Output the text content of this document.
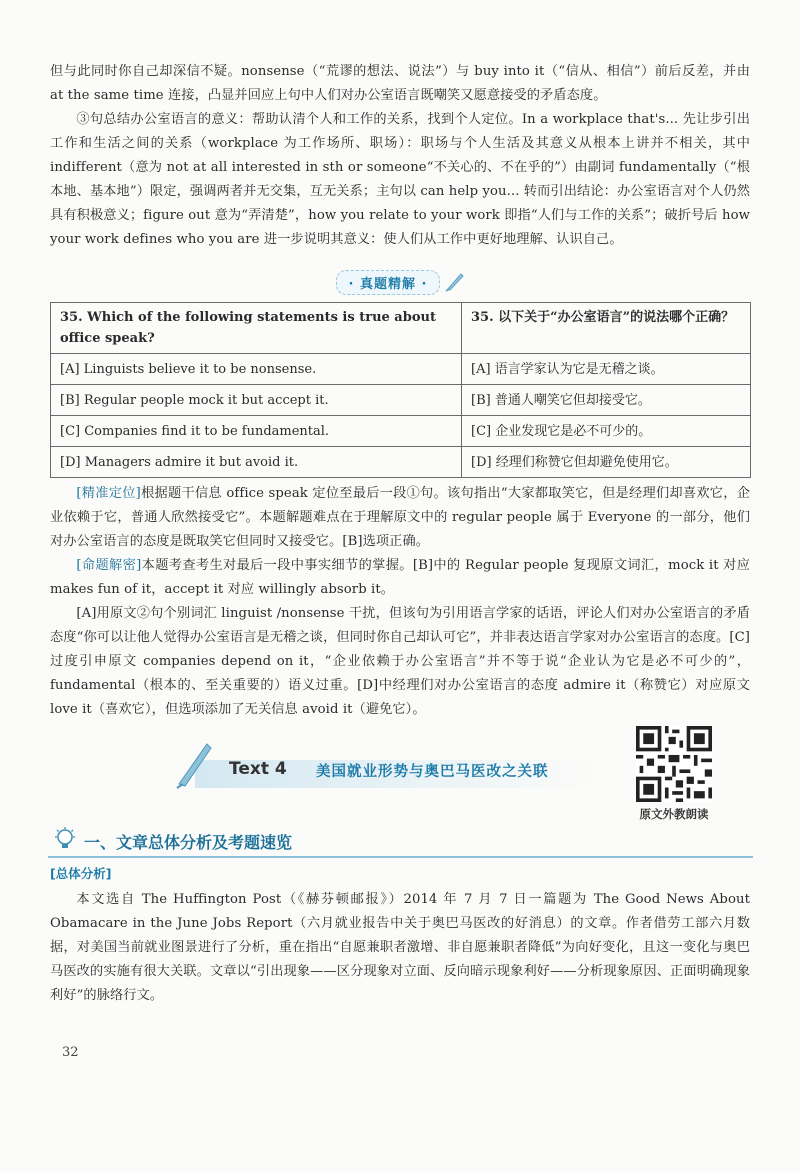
但与此同时你自己却深信不疑。nonsense（“荒谬的想法、说法”）与 buy into it（“信从、相信”）前后反差，并由 at the same time 连接，凸显并回应上句中人们对办公室语言既嘲笑又愿意接受的矛盾态度。

③句总结办公室语言的意义：帮助认清个人和工作的关系，找到个人定位。In a workplace that's... 先让步引出工作和生活之间的关系（workplace 为工作场所、职场）：职场与个人生活及其意义从根本上讲并不相关，其中 indifferent（意为 not at all interested in sth or someone“不关心的、不在乎的”）由副词 fundamentally（“根本地、基本地”）限定，强调两者并无交集，互无关系；主句以 can help you... 转而引出结论：办公室语言对个人仍然具有积极意义；figure out 意为“弄清楚”，how you relate to your work 即指“人们与工作的关系”；破折号后 how your work defines who you are 进一步说明其意义：使人们从工作中更好地理解、认识自己。

· 真题精解 ·
35. Which of the following statements is true about office speak?	35. 以下关于“办公室语言”的说法哪个正确？
[A] Linguists believe it to be nonsense.	[A] 语言学家认为它是无稽之谈。
[B] Regular people mock it but accept it.	[B] 普通人嘲笑它但却接受它。
[C] Companies find it to be fundamental.	[C] 企业发现它是必不可少的。
[D] Managers admire it but avoid it.	[D] 经理们称赞它但却避免使用它。

[精准定位]根据题干信息 office speak 定位至最后一段①句。该句指出“大家都取笑它，但是经理们却喜欢它，企业依赖于它，普通人欣然接受它”。本题解题难点在于理解原文中的 regular people 属于 Everyone 的一部分，他们对办公室语言的态度是既取笑它但同时又接受它。[B]选项正确。

[命题解密]本题考查考生对最后一段中事实细节的掌握。[B]中的 Regular people 复现原文词汇，mock it 对应 makes fun of it，accept it 对应 willingly absorb it。

[A]用原文②句个别词汇 linguist /nonsense 干扰，但该句为引用语言学家的话语，评论人们对办公室语言的矛盾态度“你可以让他人觉得办公室语言是无稽之谈，但同时你自己却认可它”，并非表达语言学家对办公室语言的态度。[C]过度引申原文 companies depend on it，“企业依赖于办公室语言”并不等于说“企业认为它是必不可少的”，fundamental（根本的、至关重要的）语义过重。[D]中经理们对办公室语言的态度 admire it（称赞它）对应原文 love it（喜欢它），但选项添加了无关信息 avoid it（避免它）。

Text 4 美国就业形势与奥巴马医改之关联
原文外教朗读
一、文章总体分析及考题速览
[总体分析]

本文选自 The Huffington Post（《赫芬顿邮报》）2014 年 7 月 7 日一篇题为 The Good News About Obamacare in the June Jobs Report（六月就业报告中关于奥巴马医改的好消息）的文章。作者借劳工部六月数据，对美国当前就业图景进行了分析，重在指出“自愿兼职者激增、非自愿兼职者降低”为向好变化，且这一变化与奥巴马医改的实施有很大关联。文章以“引出现象——区分现象对立面、反向暗示现象利好——分析现象原因、正面明确现象利好”的脉络行文。

32
